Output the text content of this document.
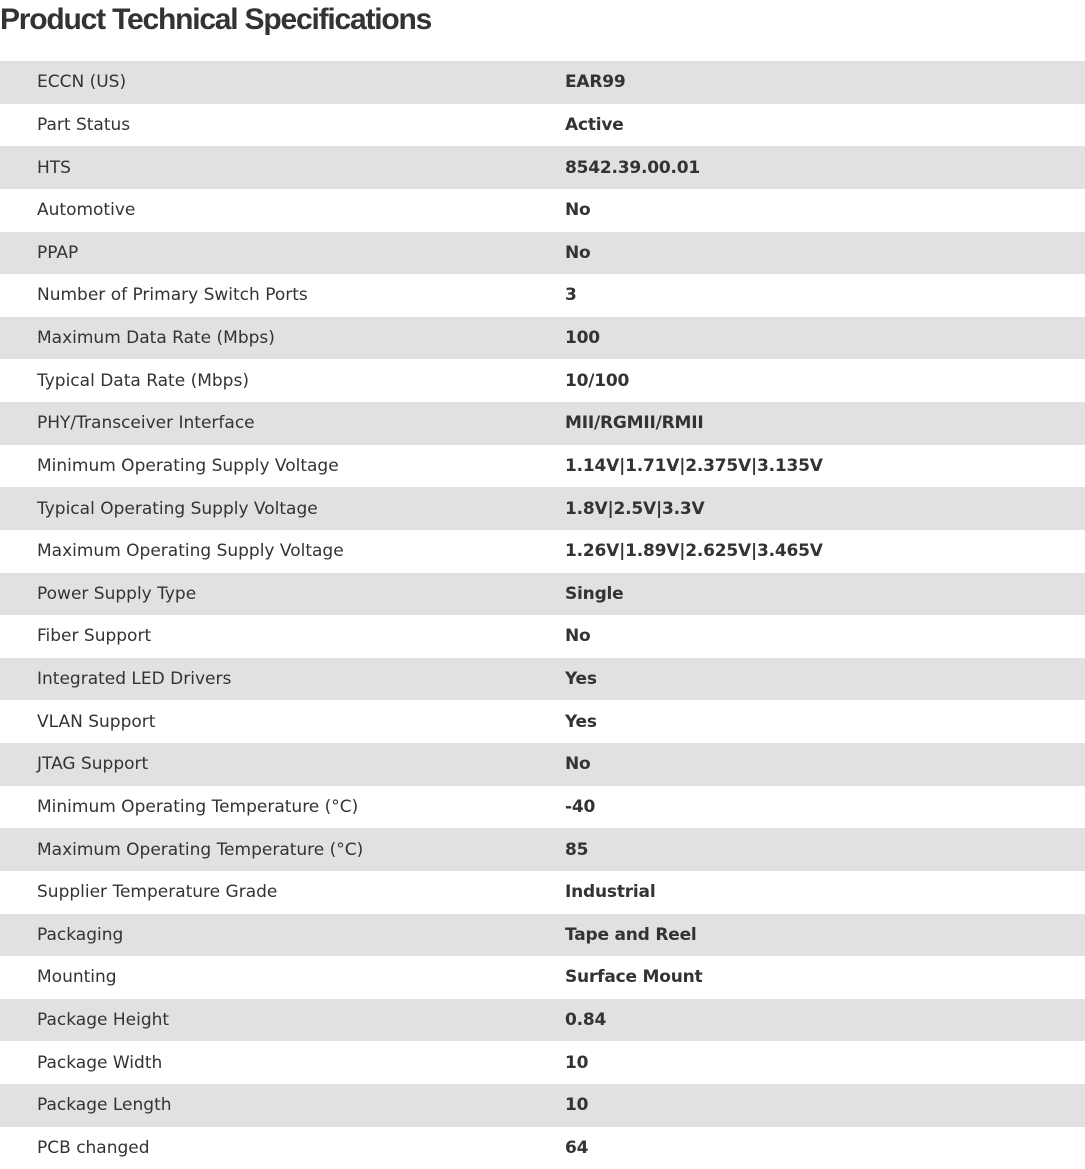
Product Technical Specifications
ECCN (US)	EAR99
Part Status	Active
HTS	8542.39.00.01
Automotive	No
PPAP	No
Number of Primary Switch Ports	3
Maximum Data Rate (Mbps)	100
Typical Data Rate (Mbps)	10/100
PHY/Transceiver Interface	MII/RGMII/RMII
Minimum Operating Supply Voltage	1.14V|1.71V|2.375V|3.135V
Typical Operating Supply Voltage	1.8V|2.5V|3.3V
Maximum Operating Supply Voltage	1.26V|1.89V|2.625V|3.465V
Power Supply Type	Single
Fiber Support	No
Integrated LED Drivers	Yes
VLAN Support	Yes
JTAG Support	No
Minimum Operating Temperature (°C)	-40
Maximum Operating Temperature (°C)	85
Supplier Temperature Grade	Industrial
Packaging	Tape and Reel
Mounting	Surface Mount
Package Height	0.84
Package Width	10
Package Length	10
PCB changed	64
